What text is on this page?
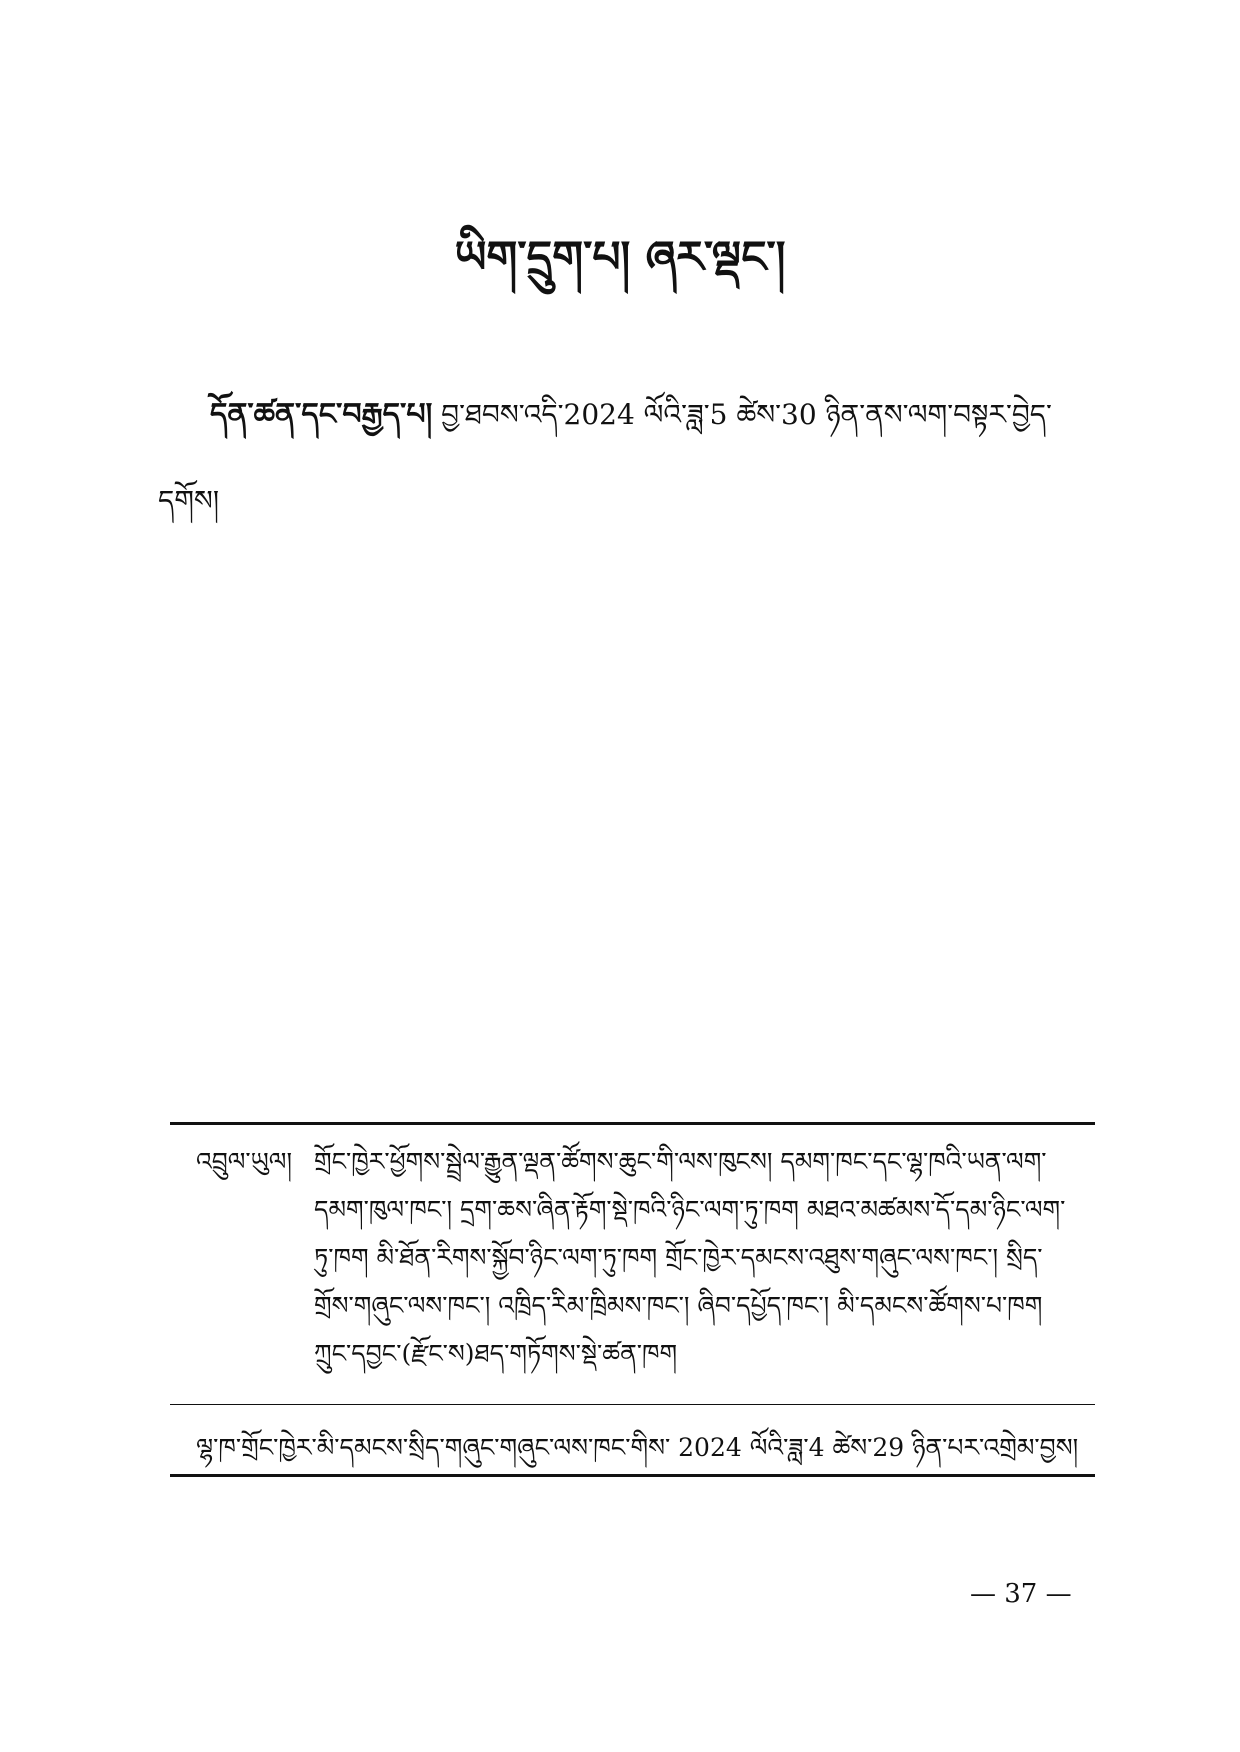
ཡིག་དྲུག་པ། ཞར་ལྡང་།
དོན་ཚན་དང་བརྒྱད་པ། བྱ་ཐབས་འདི་2024 ལོའི་ཟླ་5 ཚེས་30 ཉིན་ནས་ལག་བསྟར་བྱེད་དགོས།
འབྲུལ་ཡུལ། གྲོང་ཁྱེར་ཕྱོགས་སྦྲེལ་རྒྱུན་ལྡན་ཚོགས་ཆུང་གི་ལས་ཁུངས། དམག་ཁང་དང་ལྷ་ཁའི་ཡན་ལག་དམག་ཁུལ་ཁང་། དྲག་ཆས་ཞིན་རྟོག་སྡེ་ཁའི་ཉིང་ལག་ཏུ་ཁག མཐའ་མཚམས་དོ་དམ་ཉིང་ལག་ཏུ་ཁག མི་ཐོན་རིགས་སྐྱོབ་ཉིང་ལག་ཏུ་ཁག གྲོང་ཁྱེར་དམངས་འཐུས་གཞུང་ལས་ཁང་། སྲིད་གྲོས་གཞུང་ལས་ཁང་། འཁྲིད་རིམ་ཁྲིམས་ཁང་། ཞིབ་དཔྱོད་ཁང་། མི་དམངས་ཚོགས་པ་ཁག ཀྲུང་དབྱང་(རྫོང་ས)ཐད་གཏོགས་སྡེ་ཚན་ཁག
ལྷ་ཁ་གྲོང་ཁྱེར་མི་དམངས་སྲིད་གཞུང་གཞུང་ལས་ཁང་གིས་ 2024 ལོའི་ཟླ་4 ཚེས་29 ཉིན་པར་འགྲེམ་བྱས།
— 37 —
